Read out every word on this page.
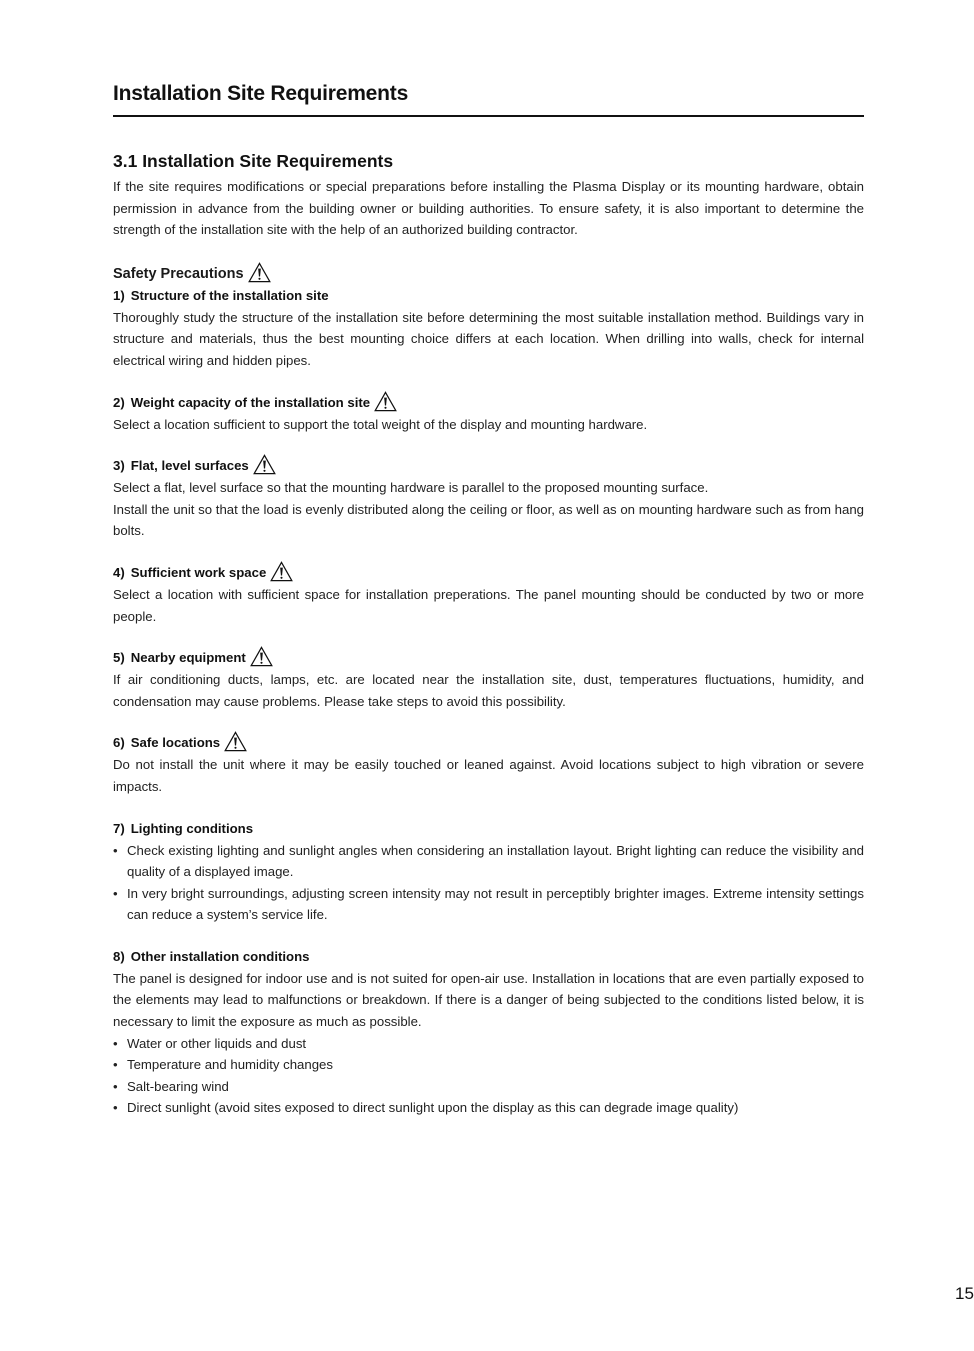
Installation Site Requirements
3.1 Installation Site Requirements

If the site requires modifications or special preparations before installing the Plasma Display or its mounting hardware, obtain permission in advance from the building owner or building authorities. To ensure safety, it is also important to determine the strength of the installation site with the help of an authorized building contractor.

Safety Precautions
1) Structure of the installation site

Thoroughly study the structure of the installation site before determining the most suitable installation method. Buildings vary in structure and materials, thus the best mounting choice differs at each location. When drilling into walls, check for internal electrical wiring and hidden pipes.

2) Weight capacity of the installation site

Select a location sufficient to support the total weight of the display and mounting hardware.

3) Flat, level surfaces

Select a flat, level surface so that the mounting hardware is parallel to the proposed mounting surface.

Install the unit so that the load is evenly distributed along the ceiling or floor, as well as on mounting hardware such as from hang bolts.

4) Sufficient work space

Select a location with sufficient space for installation preperations. The panel mounting should be conducted by two or more people.

5) Nearby equipment

If air conditioning ducts, lamps, etc. are located near the installation site, dust, temperatures fluctuations, humidity, and condensation may cause problems. Please take steps to avoid this possibility.

6) Safe locations

Do not install the unit where it may be easily touched or leaned against. Avoid locations subject to high vibration or severe impacts.

7) Lighting conditions
• Check existing lighting and sunlight angles when considering an installation layout. Bright lighting can reduce the visibility and quality of a displayed image.
• In very bright surroundings, adjusting screen intensity may not result in perceptibly brighter images. Extreme intensity settings can reduce a system’s service life.
8) Other installation conditions

The panel is designed for indoor use and is not suited for open-air use. Installation in locations that are even partially exposed to the elements may lead to malfunctions or breakdown. If there is a danger of being subjected to the conditions listed below, it is necessary to limit the exposure as much as possible.

• Water or other liquids and dust
• Temperature and humidity changes
• Salt-bearing wind
• Direct sunlight (avoid sites exposed to direct sunlight upon the display as this can degrade image quality)
15
